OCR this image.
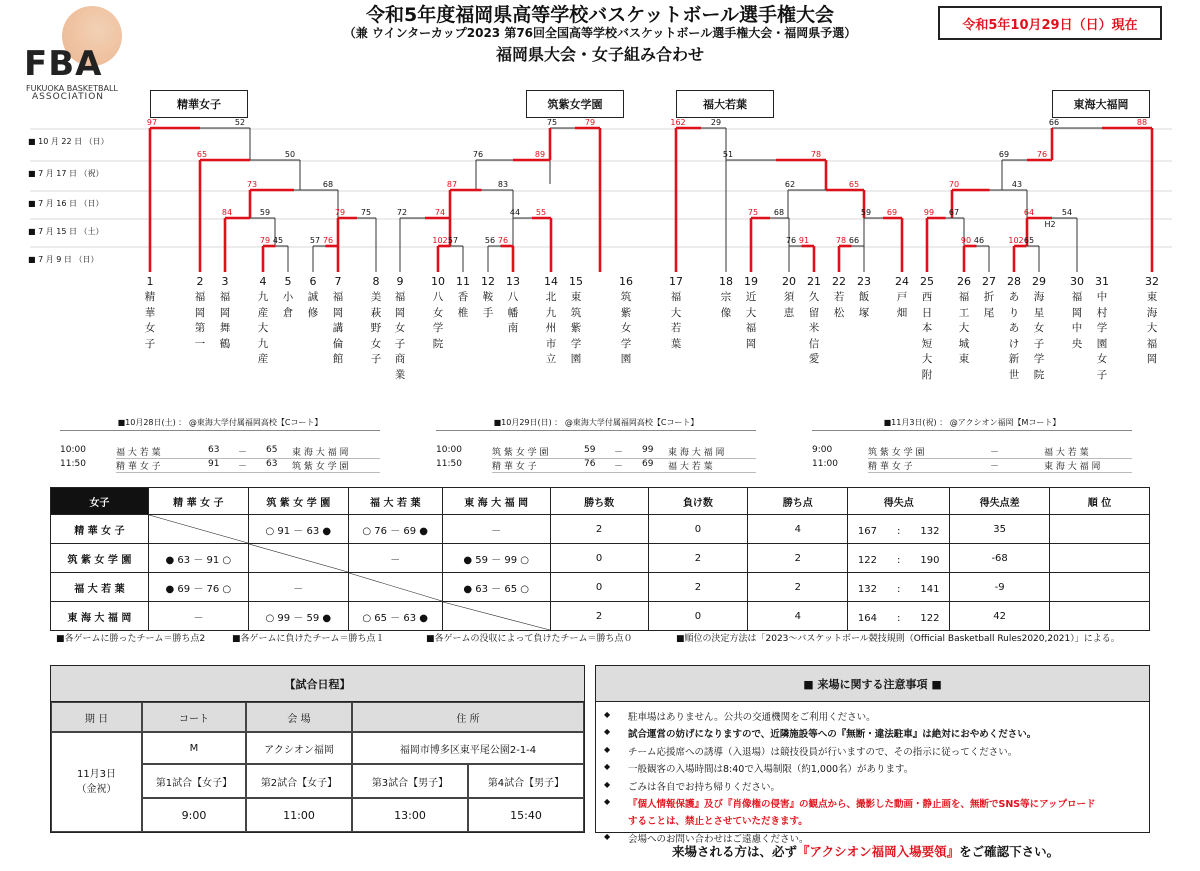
FBA
FUKUOKA BASKETBALL
ASSOCIATION
令和5年度福岡県高等学校バスケットボール選手権大会
（兼 ウインターカップ2023 第76回全国高等学校バスケットボール選手権大会・福岡県予選）
福岡県大会・女子組み合わせ
令和5年10月29日（日）現在
■ 10 月 22 日 （日）
■ 7 月 17 日 （祝）
■ 7 月 16 日 （日）
■ 7 月 15 日 （土）
■ 7 月 9 日 （日）
97	52	75	79	162	29	66	88
65	50	76	89	51	78	69	76
73	68	87	83	62	65	70	43
84	59	79	75	72	74	44	55	75	68	59	69	99	67	64	54
79 45	57 76	102 57	56 76	76 91	78 66	90 46	102 65
精華女子	筑紫女学園	福大若葉	東海大福岡
1
精
華
女
子
2
福
岡
第
一
3
福
岡
舞
鶴
4
九
産
大
九
産
5
小
倉
6
誠
修
7
福
岡
講
倫
館
8
美
萩
野
女
子
9
福
岡
女
子
商
業
10
八
女
学
院
11
香
椎
12
鞍
手
13
八
幡
南
14
北
九
州
市
立
15
東
筑
紫
学
園
16
筑
紫
女
学
園
17
福
大
若
葉
18
宗
像
19
近
大
福
岡
20
須
恵
21
久
留
米
信
愛
22
若
松
23
飯
塚
24
戸
畑
25
西
日
本
短
大
附
26
福
工
大
城
東
27
折
尾
28
あ
り
あ
け
新
世
29
海
星
女
子
学
院
30
福
岡
中
央
31
中
村
学
園
女
子
32
東
海
大
福
岡
H2
■10月28日(土) ： @東海大学付属福岡高校【Cコート】
10:00	福 大 若 葉	63 － 65 東 海 大 福 岡
11:50	精 華 女 子	91 － 63 筑 紫 女 学 園
■10月29日(日) ： @東海大学付属福岡高校【Cコート】
10:00	筑 紫 女 学 園	59 － 99 東 海 大 福 岡
11:50	精 華 女 子	76 － 69 福 大 若 葉
■11月3日(祝) ： @アクシオン福岡【Mコート】
9:00	筑 紫 女 学 園	－	福 大 若 葉
11:00	精 華 女 子	－	東 海 大 福 岡
女子	精 華 女 子	筑 紫 女 学 園	福 大 若 葉	東 海 大 福 岡	勝ち数	負け数	勝ち点	得失点	得失点差	順 位
精 華 女 子		○ 91 － 63 ●	○ 76 － 69 ●	－	2	0	4	167　　:　　132	35	
筑 紫 女 学 園	● 63 － 91 ○		－	● 59 － 99 ○	0	2	2	122　　:　　190	-68	
福 大 若 葉	● 69 － 76 ○	－		● 63 － 65 ○	0	2	2	132　　:　　141	-9	
東 海 大 福 岡	－	○ 99 － 59 ●	○ 65 － 63 ●		2	0	4	164　　:　　122	42	
■各ゲームに勝ったチーム＝勝ち点2	■各ゲームに負けたチーム＝勝ち点１	■各ゲームの没収によって負けたチーム＝勝ち点０	■順位の決定方法は「2023～バスケットボール競技規則（Official Basketball Rules2020,2021）」による。
【試合日程】
期 日	コート	会 場	住 所
11月3日
（金祝）
M	アクシオン福岡	福岡市博多区東平尾公園2-1-4
第1試合【女子】	第2試合【女子】	第3試合【男子】	第4試合【男子】
9:00	11:00	13:00	15:40
■ 来場に関する注意事項 ■
◆ 駐車場はありません。公共の交通機関をご利用ください。
◆ 試合運営の妨げになりますので、近隣施設等への『無断・違法駐車』は絶対におやめください。
◆ チーム応援席への誘導（入退場）は競技役員が行いますので、その指示に従ってください。
◆ 一般観客の入場時間は8:40で入場制限（約1,000名）があります。
◆ ごみは各自でお持ち帰りください。
◆ 『個人情報保護』及び『肖像権の侵害』の観点から、撮影した動画・静止画を、無断でSNS等にアップロード
することは、禁止とさせていただきます。
◆ 会場へのお問い合わせはご遠慮ください。
来場される方は、必ず『アクシオン福岡入場要領』をご確認下さい。
